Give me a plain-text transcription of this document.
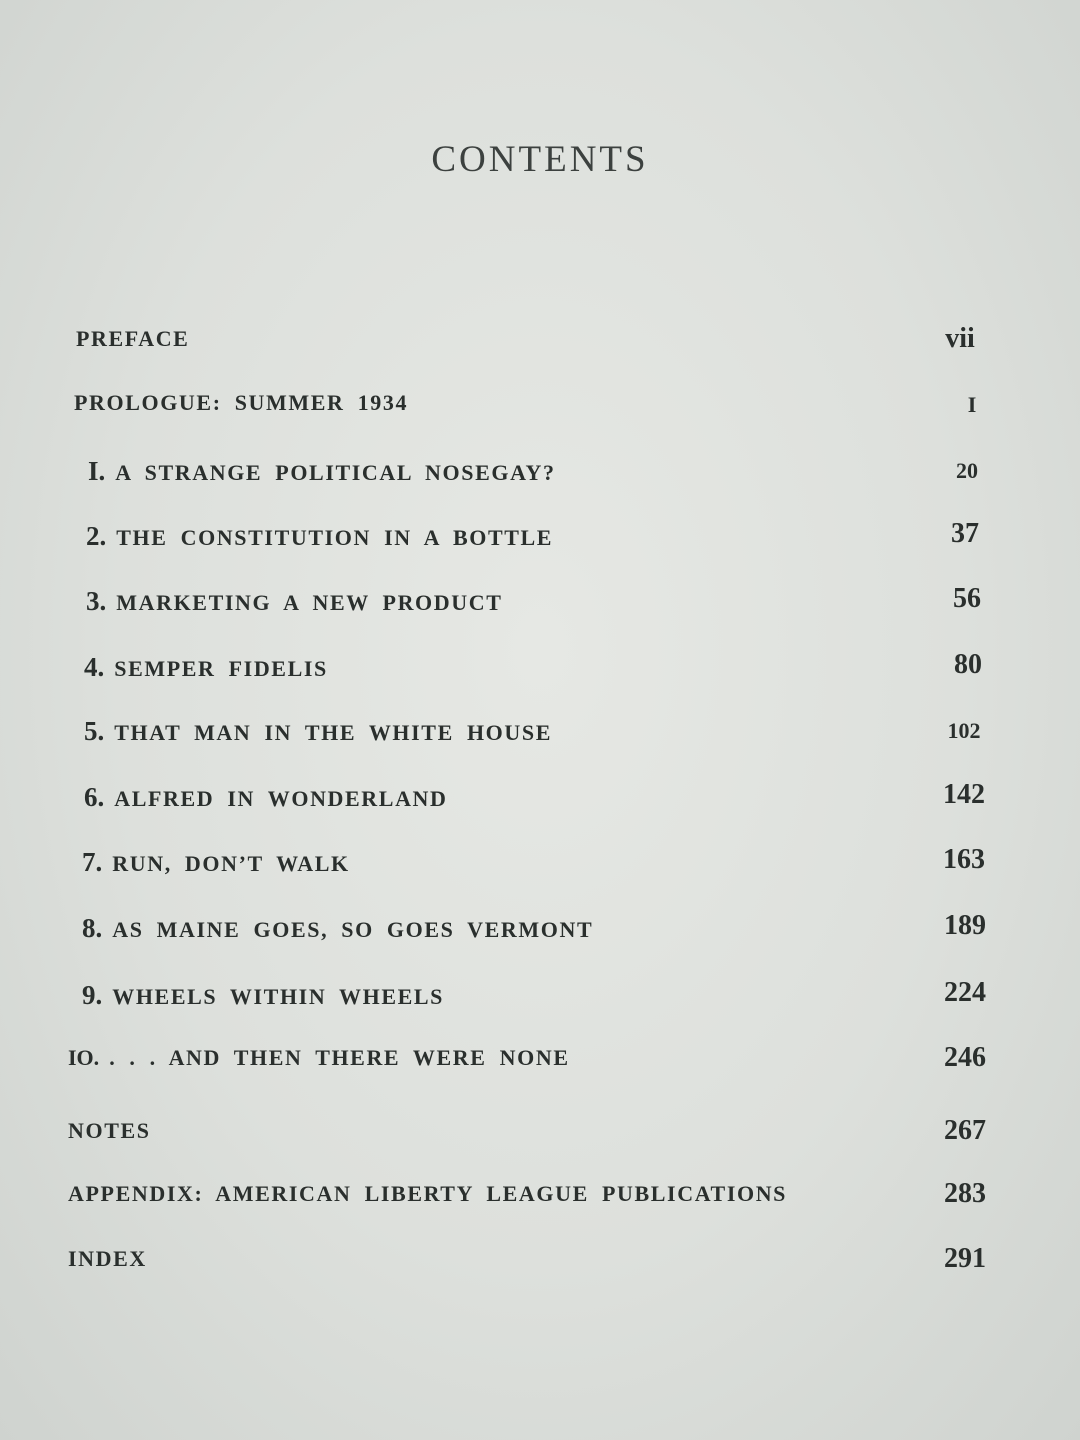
CONTENTS
PREFACE	vii
PROLOGUE: SUMMER 1934	I
I. A STRANGE POLITICAL NOSEGAY?	20
2. THE CONSTITUTION IN A BOTTLE	37
3. MARKETING A NEW PRODUCT	56
4. SEMPER FIDELIS	80
5. THAT MAN IN THE WHITE HOUSE	102
6. ALFRED IN WONDERLAND	142
7. RUN, DON’T WALK	163
8. AS MAINE GOES, SO GOES VERMONT	189
9. WHEELS WITHIN WHEELS	224
IO. . . . AND THEN THERE WERE NONE	246
NOTES	267
APPENDIX: AMERICAN LIBERTY LEAGUE PUBLICATIONS	283
INDEX	291
